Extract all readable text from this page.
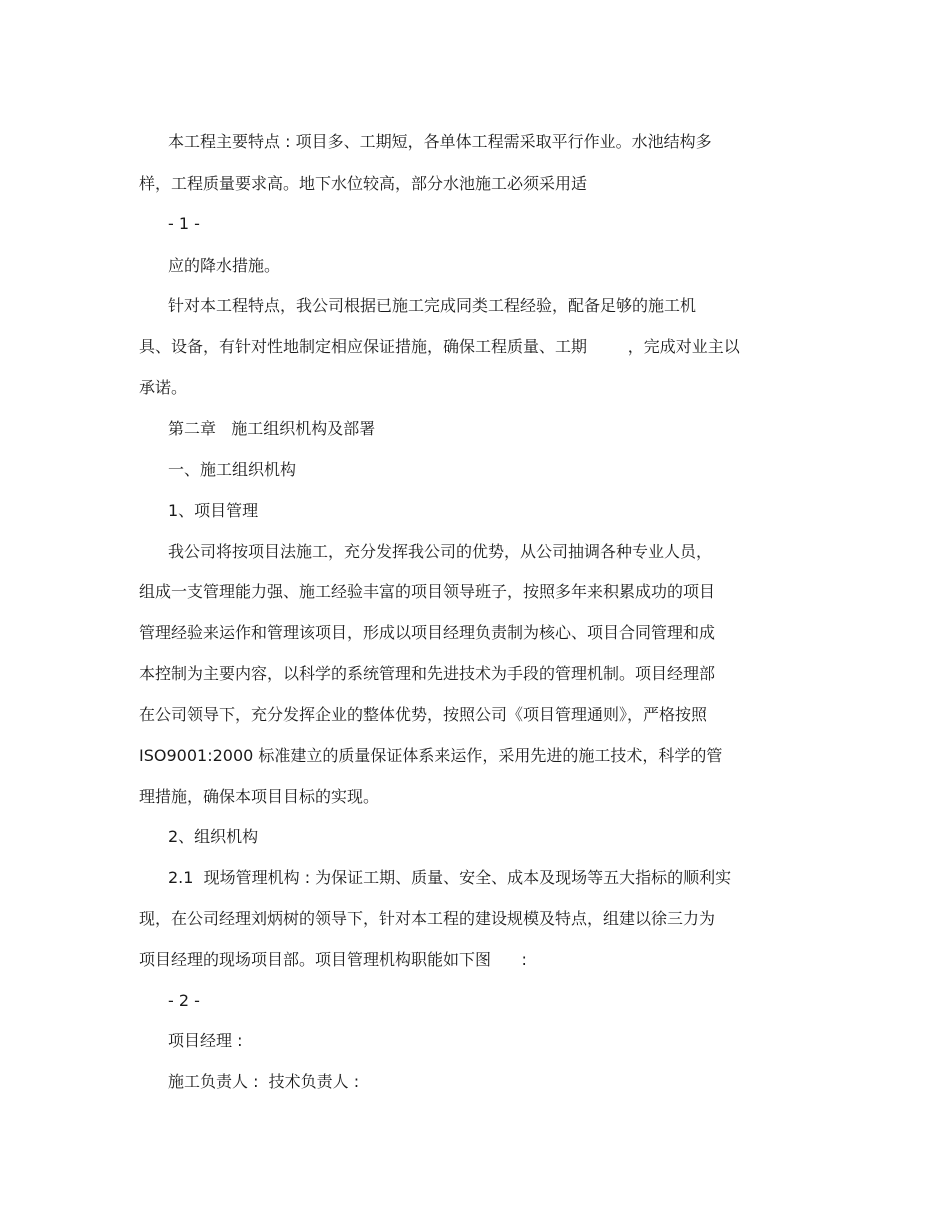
本工程主要特点 : 项目多、工期短，各单体工程需采取平行作业。水池结构多
样，工程质量要求高。地下水位较高，部分水池施工必须采用适
- 1 -
应的降水措施。
针对本工程特点，我公司根据已施工完成同类工程经验，配备足够的施工机
具、设备，有针对性地制定相应保证措施，确保工程质量、工期        ，完成对业主以
承诺。
第二章   施工组织机构及部署
一、施工组织机构
1、项目管理
我公司将按项目法施工，充分发挥我公司的优势，从公司抽调各种专业人员，
组成一支管理能力强、施工经验丰富的项目领导班子，按照多年来积累成功的项目
管理经验来运作和管理该项目，形成以项目经理负责制为核心、项目合同管理和成
本控制为主要内容，以科学的系统管理和先进技术为手段的管理机制。项目经理部
在公司领导下，充分发挥企业的整体优势，按照公司《项目管理通则》，严格按照
ISO9001:2000 标准建立的质量保证体系来运作，采用先进的施工技术，科学的管
理措施，确保本项目目标的实现。
2、组织机构
2.1  现场管理机构 : 为保证工期、质量、安全、成本及现场等五大指标的顺利实
现，在公司经理刘炳树的领导下，针对本工程的建设规模及特点，组建以徐三力为
项目经理的现场项目部。项目管理机构职能如下图      :
- 2 -
项目经理 :
施工负责人 :  技术负责人 :
